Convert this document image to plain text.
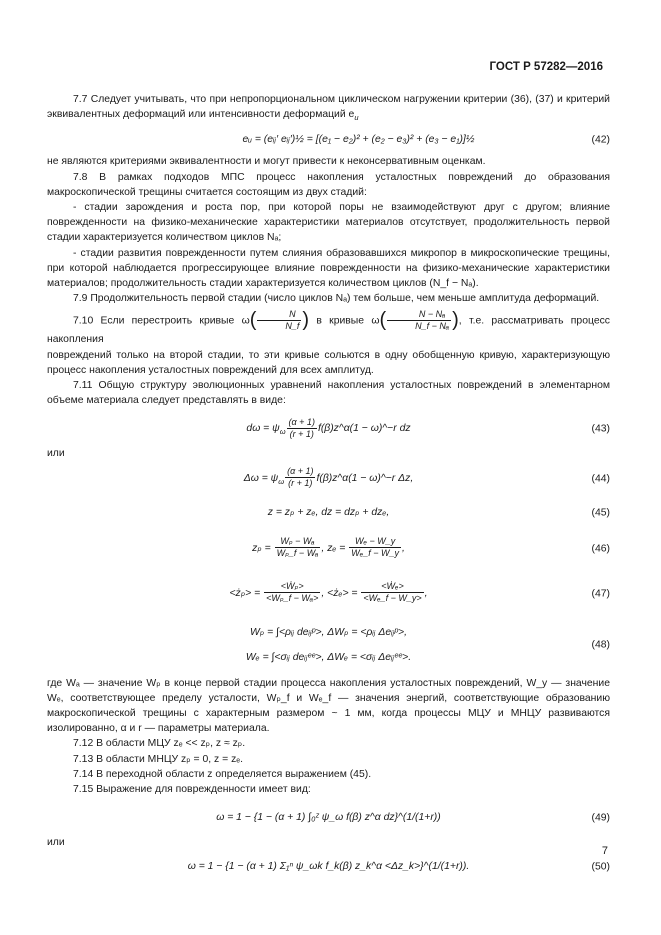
ГОСТ Р 57282—2016

7.7 Следует учитывать, что при непропорциональном циклическом нагружении критерии (36), (37) и критерий эквивалентных деформаций или интенсивности деформаций $e_u$

eᵤ = (eᵢⱼ′ eᵢⱼ′)½ = [(e₁ − e₂)² + (e₂ − e₃)² + (e₃ − e₁)]½	(42)

не являются критериями эквивалентности и могут привести к неконсервативным оценкам.

7.8 В рамках подходов МПС процесс накопления усталостных повреждений до образования макроскопической трещины считается состоящим из двух стадий:

- стадии зарождения и роста пор, при которой поры не взаимодействуют друг с другом; влияние поврежденности на физико-механические характеристики материалов отсутствует, продолжительность первой стадии характеризуется количеством циклов Nₐ;

- стадии развития поврежденности путем слияния образовавшихся микропор в микроскопические трещины, при которой наблюдается прогрессирующее влияние поврежденности на физико-механические характеристики материалов; продолжительность стадии характеризуется количеством циклов (N_f − Nₐ).

7.9 Продолжительность первой стадии (число циклов Nₐ) тем больше, чем меньше амплитуда деформаций.

7.10 Если перестроить кривые $\omega( \frac{N}{N\_f}$ ) в кривые $\omega( \frac{\text{N − Nₐ}}{\text{N\_f − Nₐ}}$ ), т.е. рассматривать процесс накопления

повреждений только на второй стадии, то эти кривые сольются в одну обобщенную кривую, характеризующую процесс накопления усталостных повреждений для всех амплитуд.

7.11 Общую структуру эволюционных уравнений накопления усталостных повреждений в элементарном объеме материала следует представлять в виде:

$d\omega = \psi_\omega \frac{(\alpha + 1)}{(r + 1)}$ f(β)z^α(1 − ω)^−r dz	(43)

или

$\Delta\omega = \psi_\omega \frac{(\alpha + 1)}{(r + 1)}$ f(β)z^α(1 − ω)^−r Δz,	(44)
z = zₚ + zₑ, dz = dzₚ + dzₑ,	(45)
$z_p = \frac{\text{Wₚ − Wₐ}}{\text{Wₚ\_f − Wₐ}}$ , $z_e = \frac{\text{Wₑ − W\_y}}{\text{Wₑ\_f − W\_y}}$ ,	(46)
<żₚ> = $\frac{\text{<Ẇₚ>}}{\text{<Wₚ\_f − Wₐ>}}$ , <żₑ> = $\frac{\text{<Ẇₑ>}}{\text{<Wₑ\_f − W\_y>}}$ ,	(47)
Wₚ = ∫<ρᵢⱼ deᵢⱼᵖ>, ΔWₚ = <ρᵢⱼ Δeᵢⱼᵖ>,
Wₑ = ∫<σᵢⱼ deᵢⱼᵉᵉ>, ΔWₑ = <σᵢⱼ Δeᵢⱼᵉᵉ>.
(48)

где Wₐ — значение Wₚ в конце первой стадии процесса накопления усталостных повреждений, W_y — значение Wₑ, соответствующее пределу усталости, Wₚ_f и Wₑ_f — значения энергий, соответствующие образованию макроскопической трещины с характерным размером ~ 1 мм, когда процессы МЦУ и МНЦУ развиваются изолированно, α и r — параметры материала.

7.12 В области МЦУ zₑ << zₚ, z ≈ zₚ.

7.13 В области МНЦУ zₚ = 0, z = zₑ.

7.14 В переходной области z определяется выражением (45).

7.15 Выражение для поврежденности имеет вид:

ω = 1 − {1 − (α + 1) ∫₀ᶻ ψ_ω f(β) z^α dz}^(1/(1+r))	(49)

или

ω = 1 − {1 − (α + 1) Σ₁ⁿ ψ_ωk f_k(β) z_k^α <Δz_k>}^(1/(1+r)).	(50)
7
